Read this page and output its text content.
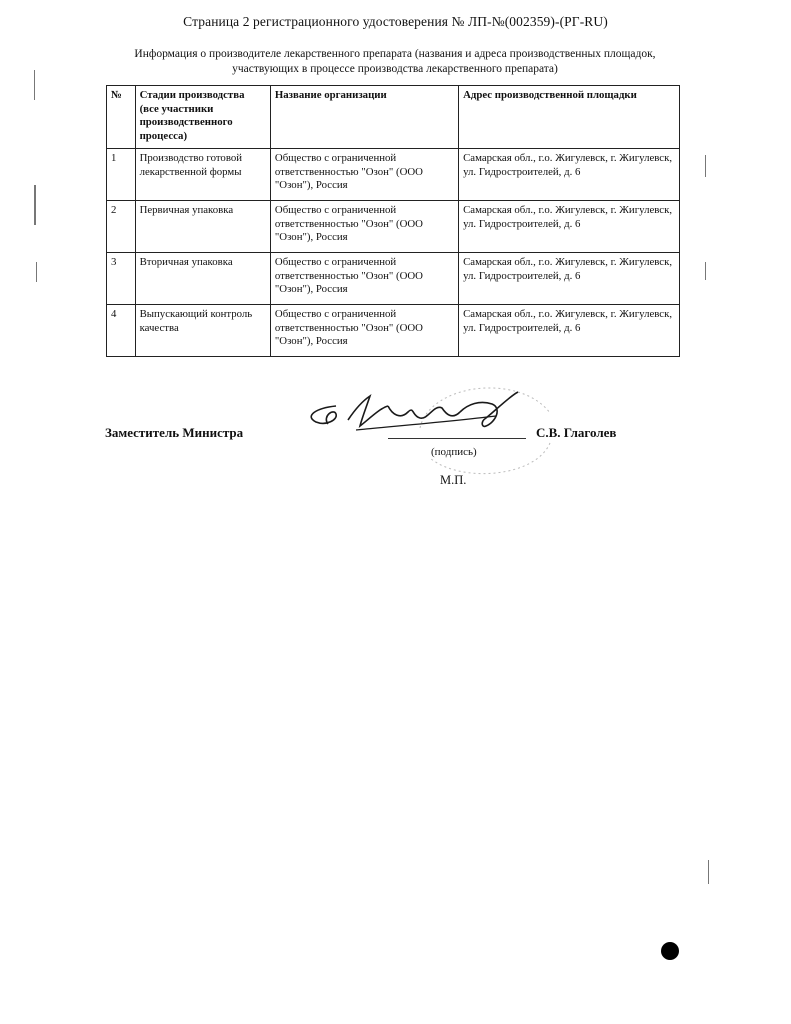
Страница 2 регистрационного удостоверения № ЛП-№(002359)-(РГ-RU)
Информация о производителе лекарственного препарата (названия и адреса производственных площадок,
участвующих в процессе производства лекарственного препарата)
№	Стадии производства (все участники производственного процесса)	Название организации	Адрес производственной площадки
1	Производство готовой лекарственной формы	Общество с ограниченной ответственностью "Озон" (ООО "Озон"), Россия	Самарская обл., г.о. Жигулевск, г. Жигулевск, ул. Гидростроителей, д. 6
2	Первичная упаковка	Общество с ограниченной ответственностью "Озон" (ООО "Озон"), Россия	Самарская обл., г.о. Жигулевск, г. Жигулевск, ул. Гидростроителей, д. 6
3	Вторичная упаковка	Общество с ограниченной ответственностью "Озон" (ООО "Озон"), Россия	Самарская обл., г.о. Жигулевск, г. Жигулевск, ул. Гидростроителей, д. 6
4	Выпускающий контроль качества	Общество с ограниченной ответственностью "Озон" (ООО "Озон"), Россия	Самарская обл., г.о. Жигулевск, г. Жигулевск, ул. Гидростроителей, д. 6
Заместитель Министра	С.В. Глаголев
(подпись)
М.П.
